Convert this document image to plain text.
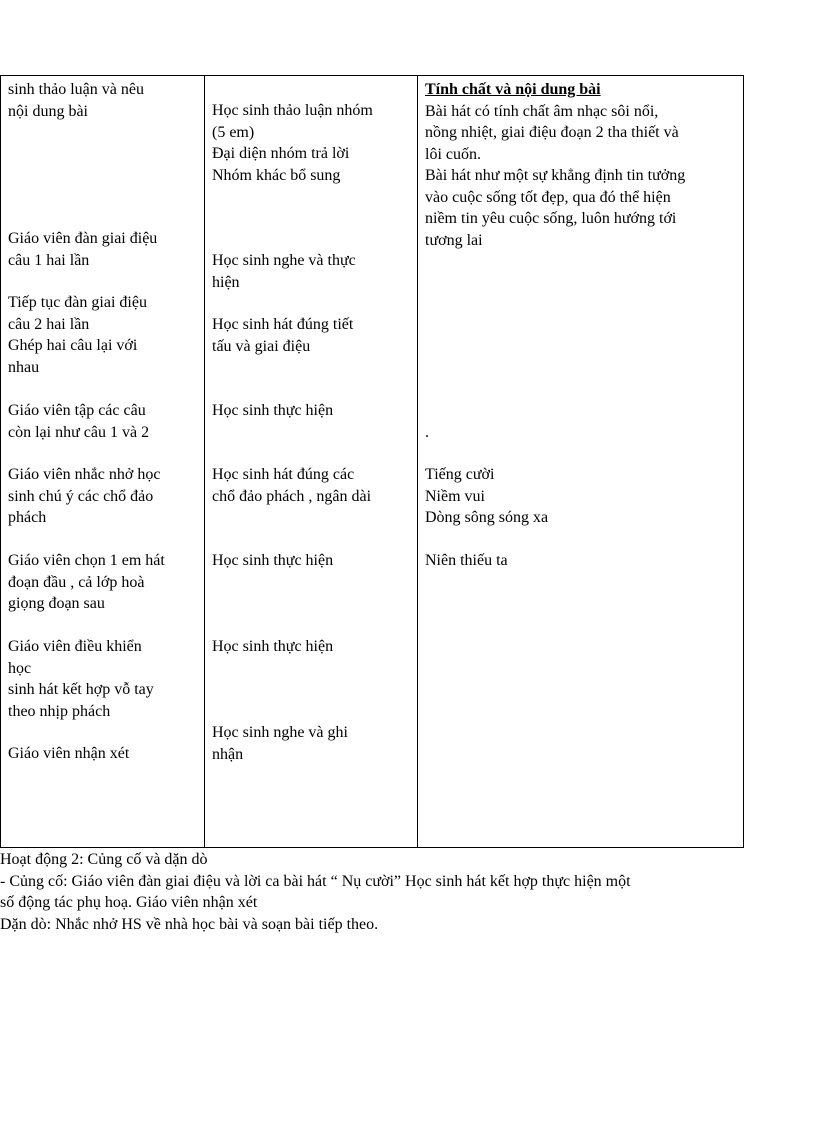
sinh thảo luận và nêu
nội dung bài
Giáo viên đàn giai điệu
câu 1 hai lần
Tiếp tục đàn giai điệu
câu 2 hai lần
Ghép hai câu lại với
nhau
Giáo viên tập các câu
còn lại như câu 1 và 2
Giáo viên nhắc nhở học
sinh chú ý các chổ đảo
phách
Giáo viên chọn 1 em hát
đoạn đầu , cả lớp hoà
giọng đoạn sau
Giáo viên điều khiển
học
sinh hát kết hợp vỗ tay
theo nhịp phách
Giáo viên nhận xét
Học sinh thảo luận nhóm
(5 em)
Đại diện nhóm trả lời
Nhóm khác bổ sung
Học sinh nghe và thực
hiện
Học sinh hát đúng tiết
tấu và giai điệu
Học sinh thực hiện
Học sinh hát đúng các
chổ đảo phách , ngân dài
Học sinh thực hiện
Học sinh thực hiện
Học sinh nghe và ghi
nhận
Tính chất và nội dung bài
Bài hát có tính chất âm nhạc sôi nổi,
nồng nhiệt, giai điệu đoạn 2 tha thiết và
lôi cuốn.
Bài hát như một sự khẳng định tin tưởng
vào cuộc sống tốt đẹp, qua đó thể hiện
niềm tin yêu cuộc sống, luôn hướng tới
tương lai
.
Tiếng cười
Niềm vui
Dòng sông sóng xa
Niên thiếu ta
Hoạt động 2: Củng cố và dặn dò
- Củng cố: Giáo viên đàn giai điệu và lời ca bài hát “ Nụ cười” Học sinh hát kết hợp thực hiện một
số động tác phụ hoạ. Giáo viên nhận xét
Dặn dò: Nhắc nhở HS về nhà học bài và soạn bài tiếp theo.
